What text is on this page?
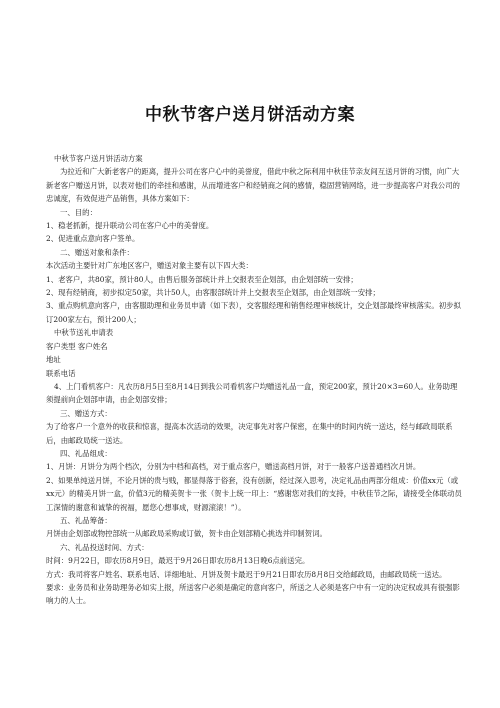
中秋节客户送月饼活动方案

中秋节客户送月饼活动方案

为拉近和广大新老客户的距离，提升公司在客户心中的美誉度，借此中秋之际利用中秋佳节亲友间互送月饼的习惯，向广大新老客户赠送月饼，以表对他们的牵挂和感谢，从而增进客户和经销商之间的感情，稳固营销网络，进一步提高客户对我公司的忠诚度，有效促进产品销售，具体方案如下：

一、目的：

1、稳老抓新，提升联动公司在客户心中的美誉度。

2、促进重点意向客户签单。

二、赠送对象和条件：

本次活动主要针对广东地区客户，赠送对象主要有以下四大类：

1、老客户，共80家，预计80人，由售后服务部统计并上交报表至企划部，由企划部统一安排；

2、现有经销商，初步拟定50家，共计50人，由客服部统计并上交报表至企划部，由企划部统一安排；

3、重点购机意向客户，由客服助理和业务员申请（如下表），交客服经理和销售经理审核统计，交企划部最终审核落实。初步拟订200家左右，预计200人；

中秋节送礼申请表

客户类型 客户姓名

地址

联系电话

4、上门看机客户：凡农历8月5日至8月14日到我公司看机客户均赠送礼品一盒，预定200家，预计20×3=60人。业务助理须提前向企划部申请，由企划部安排；

三、赠送方式：

为了给客户一个意外的收获和惊喜，提高本次活动的效果，决定事先对客户保密，在集中的时间内统一送达，经与邮政局联系后，由邮政局统一送达。

四、礼品组成：

1、月饼：月饼分为两个档次，分别为中档和高档，对于重点客户，赠送高档月饼，对于一般客户送普通档次月饼。

2、如果单纯送月饼，不论月饼的贵与贱，都显得落于俗套，没有创新，经过深入思考，决定礼品由两部分组成：价值xx元（或xx元）的精美月饼一盒，价值3元的精美贺卡一张（贺卡上统一印上：“感谢您对我们的支持，中秋佳节之际，请接受全体联动员工深情的谢意和诚挚的祝福，愿您心想事成，财源滚滚！”）。

五、礼品筹备：

月饼由企划部或物控部统一从邮政局采购或订做，贺卡由企划部精心挑选并印制贺词。

六、礼品投送时间、方式：

时间：9月22日，即农历8月9日，最迟于9月26日即农历8月13日晚6点前送完。

方式：我司将客户姓名、联系电话、详细地址、月饼及贺卡最迟于9月21日即农历8月8日交给邮政局，由邮政局统一送达。

要求：业务员和业务助理务必如实上报，所送客户必须是确定的意向客户，所送之人必须是客户中有一定的决定权或具有很强影响力的人士。
